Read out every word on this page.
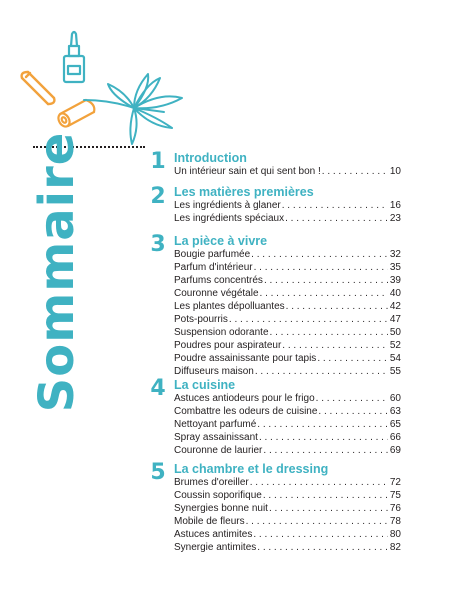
Sommaire	1 Introduction
Un intérieur sain et qui sent bon ! . . .	10
2 Les matières premières
Les ingrédients à glaner . . .	16
Les ingrédients spéciaux . . .	23
3 La pièce à vivre
Bougie parfumée . . .	32
Parfum d'intérieur . . .	35
Parfums concentrés . . .	39
Couronne végétale . . .	40
Les plantes dépolluantes . . .	42
Pots-pourris . . .	47
Suspension odorante . . .	50
Poudres pour aspirateur . . .	52
Poudre assainissante pour tapis . . .	54
Diffuseurs maison . . .	55
4 La cuisine
Astuces antiodeurs pour le frigo . . .	60
Combattre les odeurs de cuisine . . .	63
Nettoyant parfumé . . .	65
Spray assainissant . . .	66
Couronne de laurier . . .	69
5 La chambre et le dressing
Brumes d'oreiller . . .	72
Coussin soporifique . . .	75
Synergies bonne nuit . . .	76
Mobile de fleurs . . .	78
Astuces antimites . . .	80
Synergie antimites . . .	82
